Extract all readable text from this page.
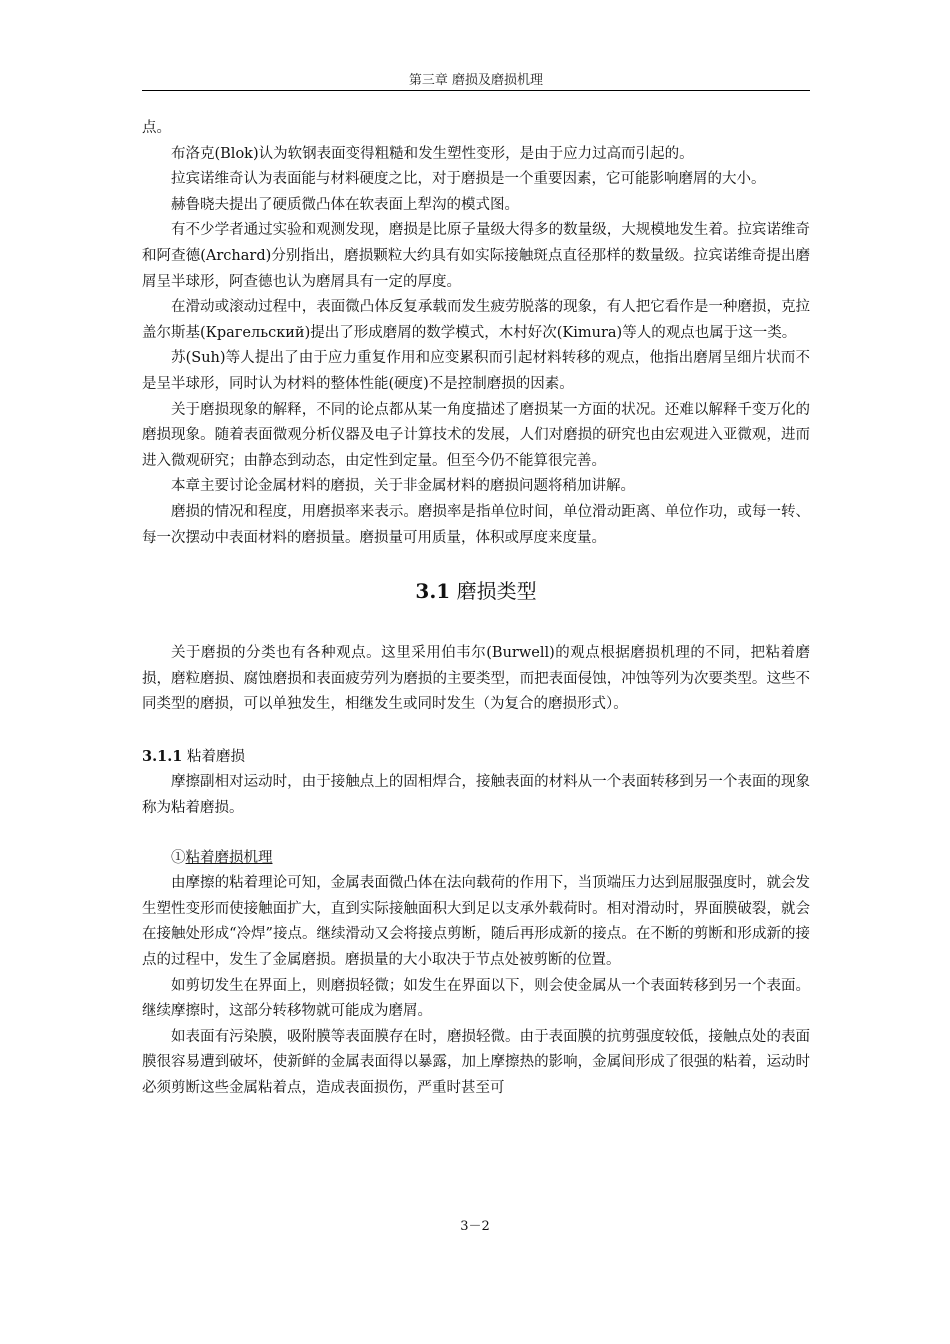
第三章 磨损及磨损机理

点。

布洛克(Blok)认为软钢表面变得粗糙和发生塑性变形，是由于应力过高而引起的。

拉宾诺维奇认为表面能与材料硬度之比，对于磨损是一个重要因素，它可能影响磨屑的大小。

赫鲁晓夫提出了硬质微凸体在软表面上犁沟的模式图。

有不少学者通过实验和观测发现，磨损是比原子量级大得多的数量级，大规模地发生着。拉宾诺维奇和阿查德(Archard)分别指出，磨损颗粒大约具有如实际接触斑点直径那样的数量级。拉宾诺维奇提出磨屑呈半球形，阿查德也认为磨屑具有一定的厚度。

在滑动或滚动过程中，表面微凸体反复承载而发生疲劳脱落的现象，有人把它看作是一种磨损，克拉盖尔斯基(Крагельский)提出了形成磨屑的数学模式，木村好次(Kimura)等人的观点也属于这一类。

苏(Suh)等人提出了由于应力重复作用和应变累积而引起材料转移的观点，他指出磨屑呈细片状而不是呈半球形，同时认为材料的整体性能(硬度)不是控制磨损的因素。

关于磨损现象的解释，不同的论点都从某一角度描述了磨损某一方面的状况。还难以解释千变万化的磨损现象。随着表面微观分析仪器及电子计算技术的发展，人们对磨损的研究也由宏观进入亚微观，进而进入微观研究；由静态到动态，由定性到定量。但至今仍不能算很完善。

本章主要讨论金属材料的磨损，关于非金属材料的磨损问题将稍加讲解。

磨损的情况和程度，用磨损率来表示。磨损率是指单位时间，单位滑动距离、单位作功，或每一转、每一次摆动中表面材料的磨损量。磨损量可用质量，体积或厚度来度量。

3.1 磨损类型

关于磨损的分类也有各种观点。这里采用伯韦尔(Burwell)的观点根据磨损机理的不同，把粘着磨损，磨粒磨损、腐蚀磨损和表面疲劳列为磨损的主要类型，而把表面侵蚀，冲蚀等列为次要类型。这些不同类型的磨损，可以单独发生，相继发生或同时发生（为复合的磨损形式）。

3.1.1 粘着磨损

摩擦副相对运动时，由于接触点上的固相焊合，接触表面的材料从一个表面转移到另一个表面的现象称为粘着磨损。

①粘着磨损机理

由摩擦的粘着理论可知，金属表面微凸体在法向载荷的作用下，当顶端压力达到屈服强度时，就会发生塑性变形而使接触面扩大，直到实际接触面积大到足以支承外载荷时。相对滑动时，界面膜破裂，就会在接触处形成“冷焊”接点。继续滑动又会将接点剪断，随后再形成新的接点。在不断的剪断和形成新的接点的过程中，发生了金属磨损。磨损量的大小取决于节点处被剪断的位置。

如剪切发生在界面上，则磨损轻微；如发生在界面以下，则会使金属从一个表面转移到另一个表面。继续摩擦时，这部分转移物就可能成为磨屑。

如表面有污染膜，吸附膜等表面膜存在时，磨损轻微。由于表面膜的抗剪强度较低，接触点处的表面膜很容易遭到破坏，使新鲜的金属表面得以暴露，加上摩擦热的影响，金属间形成了很强的粘着，运动时必须剪断这些金属粘着点，造成表面损伤，严重时甚至可

3－2
